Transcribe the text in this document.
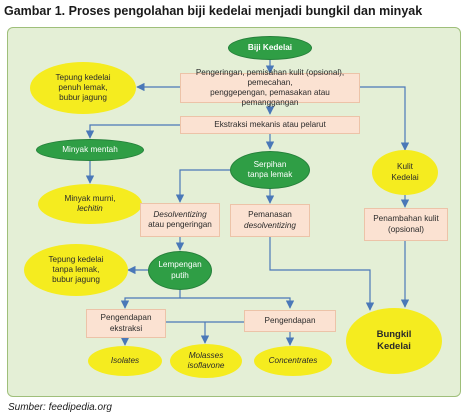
Gambar 1. Proses pengolahan biji kedelai menjadi bungkil dan minyak
Biji Kedelai
Pengeringan, pemisahan kulit (opsional), pemecahan,
penggepengan, pemasakan atau pemanggangan
Tepung kedelai
penuh lemak,
bubur jagung
Ekstraksi mekanis atau pelarut
Minyak mentah
Serpihan
tanpa lemak
Kulit
Kedelai
Minyak murni,
lechitin
Desolventizing
atau pengeringan
Pemanasan
desolventizing
Penambahan kulit
(opsional)
Tepung kedelai
tanpa lemak,
bubur jagung
Lempengan
putih
Pengendapan
ekstraksi
Pengendapan
Bungkil
Kedelai
Isolates
Molasses
isoflavone
Concentrates
Sumber: feedipedia.org
